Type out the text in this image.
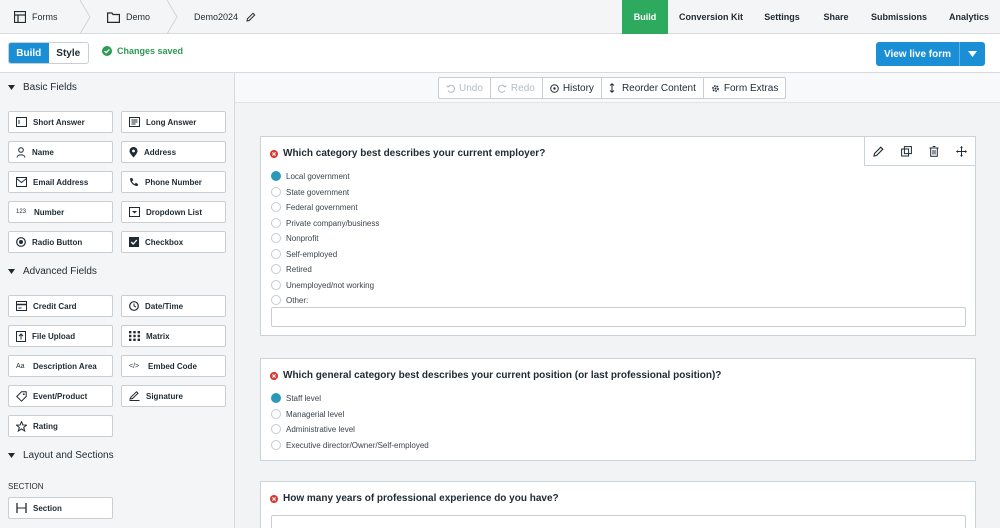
Forms	Demo	Demo2024	Build	Conversion Kit	Settings	Share	Submissions	Analytics
Build	Style	Changes saved	View live form
Basic Fields
Short Answer	Long Answer
Name	Address
Email Address	Phone Number
123 Number	Dropdown List
Radio Button	Checkbox
Advanced Fields
Credit Card	Date/Time
File Upload	Matrix
Aa	Description Area	</>	Embed Code
Event/Product	Signature
Rating
Layout and Sections
SECTION
Section
Undo	Redo	History	Reorder Content	Form Extras
Which category best describes your current employer?
Local government
State government
Federal government
Private company/business
Nonprofit
Self-employed
Retired
Unemployed/not working
Other:
Which general category best describes your current position (or last professional position)?
Staff level
Managerial level
Administrative level
Executive director/Owner/Self-employed
How many years of professional experience do you have?
